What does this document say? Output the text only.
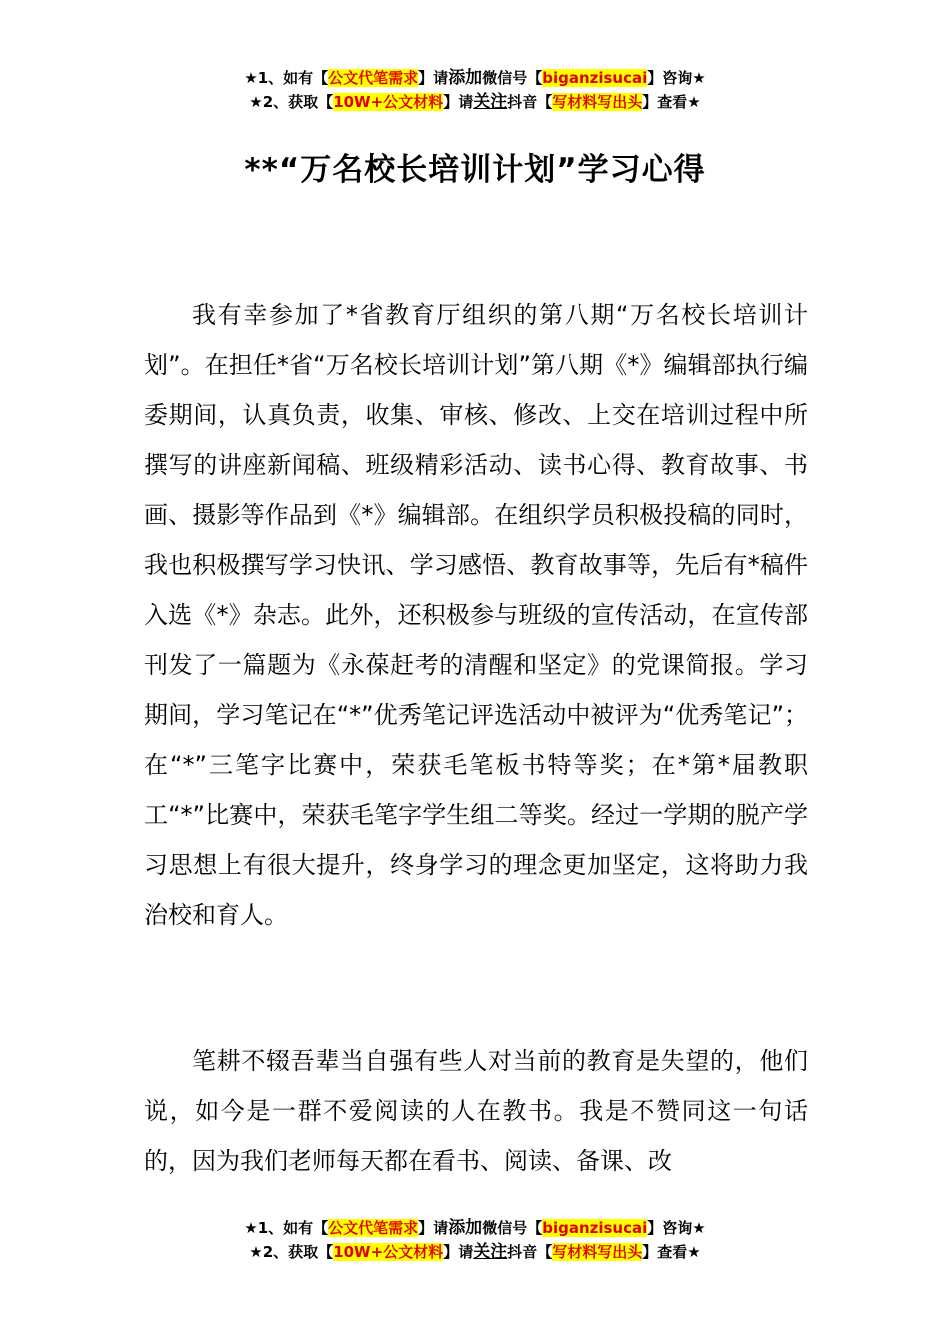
★1、如有【公文代笔需求】请添加微信号【biganzisucai】咨询★
★2、获取【10W+公文材料】请关注抖音【写材料写出头】查看★
**“万名校长培训计划”学习心得

我有幸参加了*省教育厅组织的第八期“万名校长培训计划”。在担任*省“万名校长培训计划”第八期《*》编辑部执行编委期间，认真负责，收集、审核、修改、上交在培训过程中所撰写的讲座新闻稿、班级精彩活动、读书心得、教育故事、书画、摄影等作品到《*》编辑部。在组织学员积极投稿的同时，我也积极撰写学习快讯、学习感悟、教育故事等，先后有*稿件入选《*》杂志。此外，还积极参与班级的宣传活动，在宣传部刊发了一篇题为《永葆赶考的清醒和坚定》的党课简报。学习期间，学习笔记在“*”优秀笔记评选活动中被评为“优秀笔记”；在“*”三笔字比赛中，荣获毛笔板书特等奖；在*第*届教职工“*”比赛中，荣获毛笔字学生组二等奖。经过一学期的脱产学习思想上有很大提升，终身学习的理念更加坚定，这将助力我治校和育人。

笔耕不辍吾辈当自强有些人对当前的教育是失望的，他们说，如今是一群不爱阅读的人在教书。我是不赞同这一句话的，因为我们老师每天都在看书、阅读、备课、改

★1、如有【公文代笔需求】请添加微信号【biganzisucai】咨询★
★2、获取【10W+公文材料】请关注抖音【写材料写出头】查看★
